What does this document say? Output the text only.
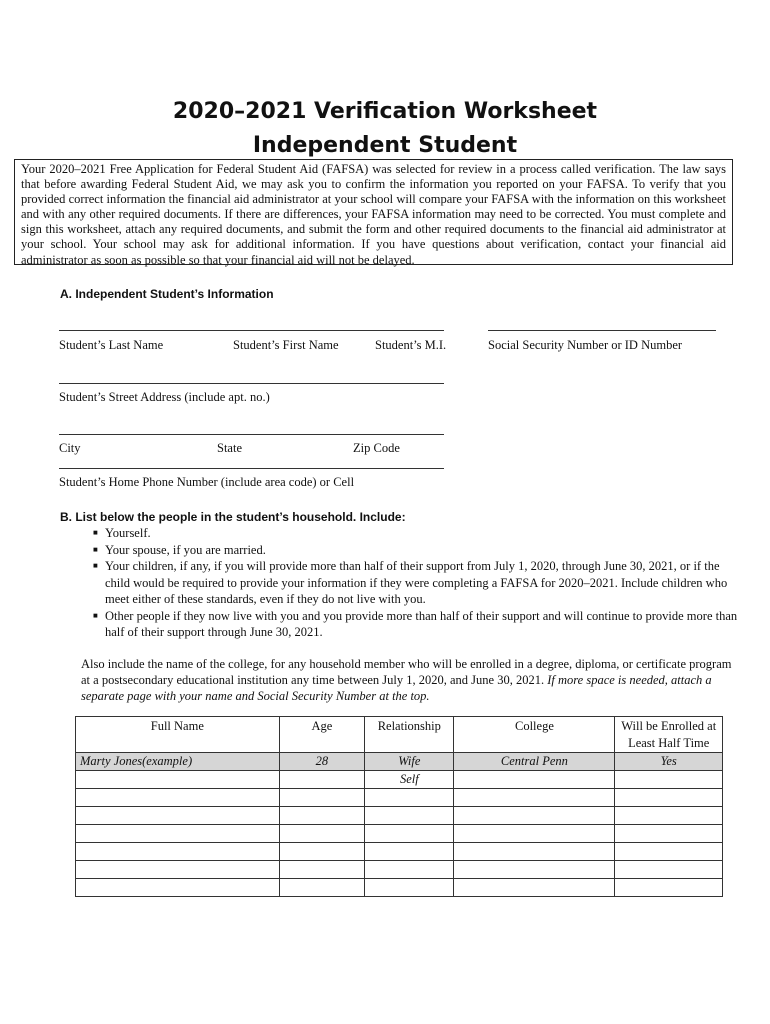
2020–2021 Verification Worksheet
Independent Student
Your 2020–2021 Free Application for Federal Student Aid (FAFSA) was selected for review in a process called verification. The law says that before awarding Federal Student Aid, we may ask you to confirm the information you reported on your FAFSA. To verify that you provided correct information the financial aid administrator at your school will compare your FAFSA with the information on this worksheet and with any other required documents. If there are differences, your FAFSA information may need to be corrected. You must complete and sign this worksheet, attach any required documents, and submit the form and other required documents to the financial aid administrator at your school. Your school may ask for additional information. If you have questions about verification, contact your financial aid administrator as soon as possible so that your financial aid will not be delayed.
A. Independent Student’s Information
Student’s Last Name	Student’s First Name	Student’s M.I.	Social Security Number or ID Number
Student’s Street Address (include apt. no.)
City	State	Zip Code
Student’s Home Phone Number (include area code) or Cell
B. List below the people in the student’s household. Include:
■ Yourself.
■ Your spouse, if you are married.
■ Your children, if any, if you will provide more than half of their support from July 1, 2020, through June 30, 2021, or if the child would be required to provide your information if they were completing a FAFSA for 2020–2021. Include children who meet either of these standards, even if they do not live with you.
■ Other people if they now live with you and you provide more than half of their support and will continue to provide more than half of their support through June 30, 2021.
Also include the name of the college, for any household member who will be enrolled in a degree, diploma, or certificate program at a postsecondary educational institution any time between July 1, 2020, and June 30, 2021. If more space is needed, attach a separate page with your name and Social Security Number at the top.
Full Name	Age	Relationship	College	Will be Enrolled at Least Half Time
Marty Jones(example)	28	Wife	Central Penn	Yes
		Self		
